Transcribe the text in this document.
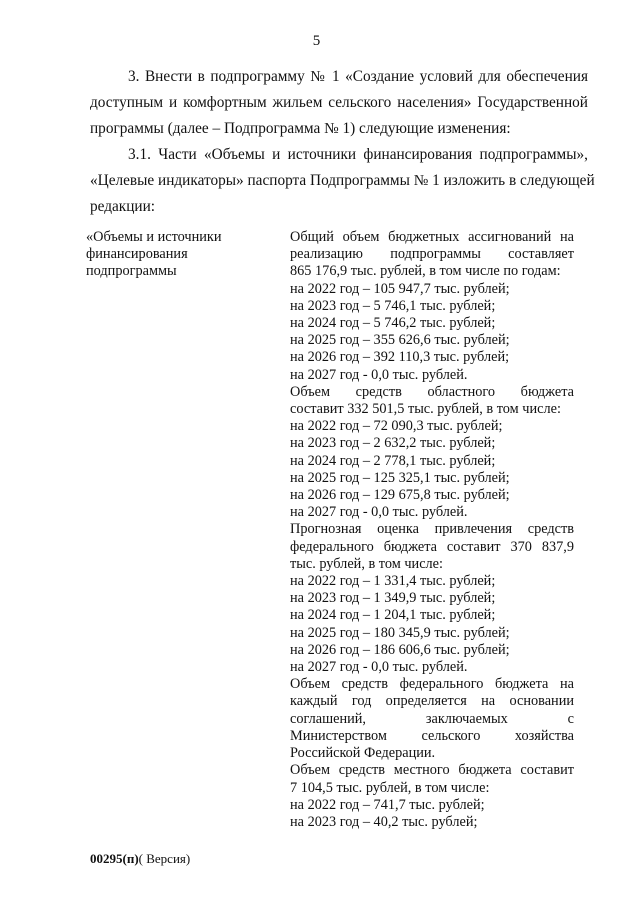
5
3. Внести в подпрограмму № 1 «Создание условий для обеспечения
доступным и комфортным жильем сельского населения» Государственной
программы (далее – Подпрограмма № 1) следующие изменения:
3.1. Части «Объемы и источники финансирования подпрограммы»,
«Целевые индикаторы» паспорта Подпрограммы № 1 изложить в следующей
редакции:
«Объемы и источники
финансирования
подпрограммы
Общий объем бюджетных ассигнований на
реализацию подпрограммы составляет
865 176,9 тыс. рублей, в том числе по годам:
на 2022 год – 105 947,7 тыс. рублей;
на 2023 год – 5 746,1 тыс. рублей;
на 2024 год – 5 746,2 тыс. рублей;
на 2025 год – 355 626,6 тыс. рублей;
на 2026 год – 392 110,3 тыс. рублей;
на 2027 год - 0,0 тыс. рублей.
Объем средств областного бюджета
составит 332 501,5 тыс. рублей, в том числе:
на 2022 год – 72 090,3 тыс. рублей;
на 2023 год – 2 632,2 тыс. рублей;
на 2024 год – 2 778,1 тыс. рублей;
на 2025 год – 125 325,1 тыс. рублей;
на 2026 год – 129 675,8 тыс. рублей;
на 2027 год - 0,0 тыс. рублей.
Прогнозная оценка привлечения средств
федерального бюджета составит 370 837,9
тыс. рублей, в том числе:
на 2022 год – 1 331,4 тыс. рублей;
на 2023 год – 1 349,9 тыс. рублей;
на 2024 год – 1 204,1 тыс. рублей;
на 2025 год – 180 345,9 тыс. рублей;
на 2026 год – 186 606,6 тыс. рублей;
на 2027 год - 0,0 тыс. рублей.
Объем средств федерального бюджета на
каждый год определяется на основании
соглашений, заключаемых с
Министерством сельского хозяйства
Российской Федерации.
Объем средств местного бюджета составит
7 104,5 тыс. рублей, в том числе:
на 2022 год – 741,7 тыс. рублей;
на 2023 год – 40,2 тыс. рублей;
00295(п)( Версия)
